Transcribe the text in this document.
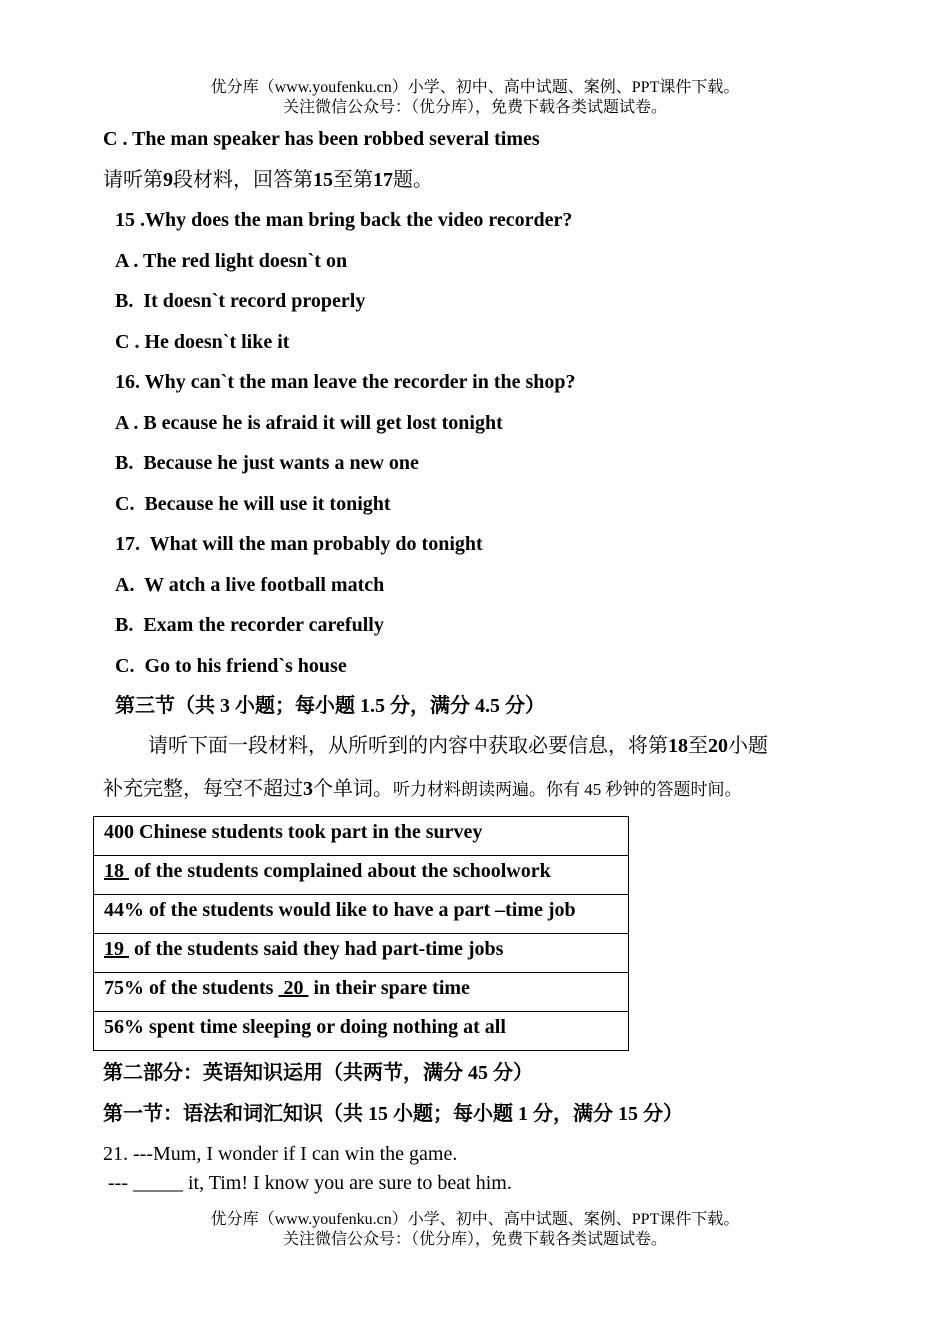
优分库（www.youfenku.cn）小学、初中、高中试题、案例、PPT课件下载。
关注微信公众号：（优分库），免费下载各类试题试卷。
C . The man speaker has been robbed several times
请听第9段材料，回答第15至第17题。
15 .Why does the man bring back the video recorder?
A . The red light doesn`t on
B.  It doesn`t record properly
C . He doesn`t like it
16. Why can`t the man leave the recorder in the shop?
A . B ecause he is afraid it will get lost tonight
B.  Because he just wants a new one
C.  Because he will use it tonight
17.  What will the man probably do tonight
A.  W atch a live football match
B.  Exam the recorder carefully
C.  Go to his friend`s house
第三节（共 3 小题；每小题 1.5 分，满分 4.5 分）
请听下面一段材料，从所听到的内容中获取必要信息，将第18至20小题
补充完整，每空不超过3个单词。听力材料朗读两遍。你有 45 秒钟的答题时间。
400 Chinese students took part in the survey
18  of the students complained about the schoolwork
44% of the students would like to have a part –time job
19  of the students said they had part-time jobs
75% of the students  20  in their spare time
56% spent time sleeping or doing nothing at all
第二部分：英语知识运用（共两节，满分 45 分）
第一节：语法和词汇知识（共 15 小题；每小题 1 分，满分 15 分）
21. ---Mum, I wonder if I can win the game.
--- _____ it, Tim! I know you are sure to beat him.
优分库（www.youfenku.cn）小学、初中、高中试题、案例、PPT课件下载。
关注微信公众号：（优分库），免费下载各类试题试卷。
